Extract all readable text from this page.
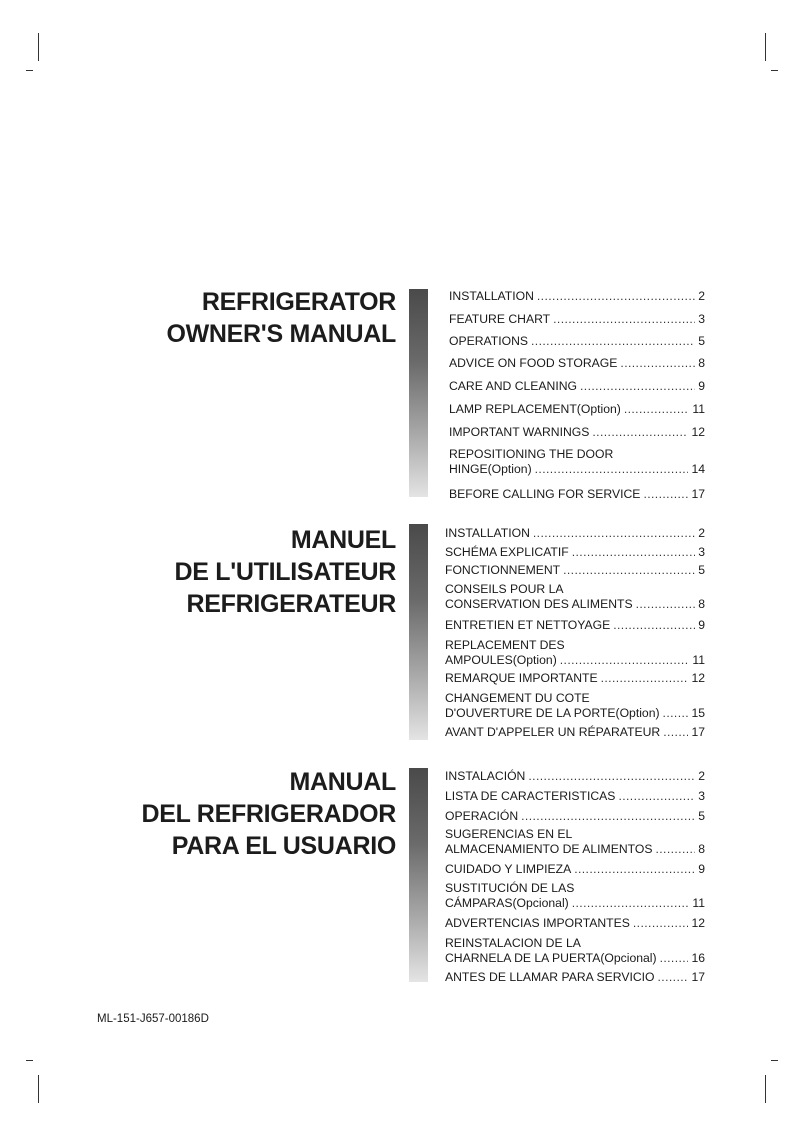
REFRIGERATOR
OWNER'S MANUAL
INSTALLATION .....	2
FEATURE CHART .....	3
OPERATIONS .....	5
ADVICE ON FOOD STORAGE .....	8
CARE AND CLEANING .....	9
LAMP REPLACEMENT(Option) .....	11
IMPORTANT WARNINGS .....	12
REPOSITIONING THE DOOR
HINGE(Option) .....	14
BEFORE CALLING FOR SERVICE .....	17
MANUEL
DE L'UTILISATEUR
REFRIGERATEUR
INSTALLATION .....	2
SCHÉMA EXPLICATIF .....	3
FONCTIONNEMENT .....	5
CONSEILS POUR LA
CONSERVATION DES ALIMENTS .....	8
ENTRETIEN ET NETTOYAGE .....	9
REPLACEMENT DES
AMPOULES(Option) .....	11
REMARQUE IMPORTANTE .....	12
CHANGEMENT DU COTE
D'OUVERTURE DE LA PORTE(Option) .....	15
AVANT D'APPELER UN RÉPARATEUR .....	17
MANUAL
DEL REFRIGERADOR
PARA EL USUARIO
INSTALACIÓN .....	2
LISTA DE CARACTERISTICAS .....	3
OPERACIÓN .....	5
SUGERENCIAS EN EL
ALMACENAMIENTO DE ALIMENTOS .....	8
CUIDADO Y LIMPIEZA .....	9
SUSTITUCIÓN DE LAS
CÁMPARAS(Opcional) .....	11
ADVERTENCIAS IMPORTANTES .....	12
REINSTALACION DE LA
CHARNELA DE LA PUERTA(Opcional) .....	16
ANTES DE LLAMAR PARA SERVICIO .....	17
ML-151-J657-00186D
